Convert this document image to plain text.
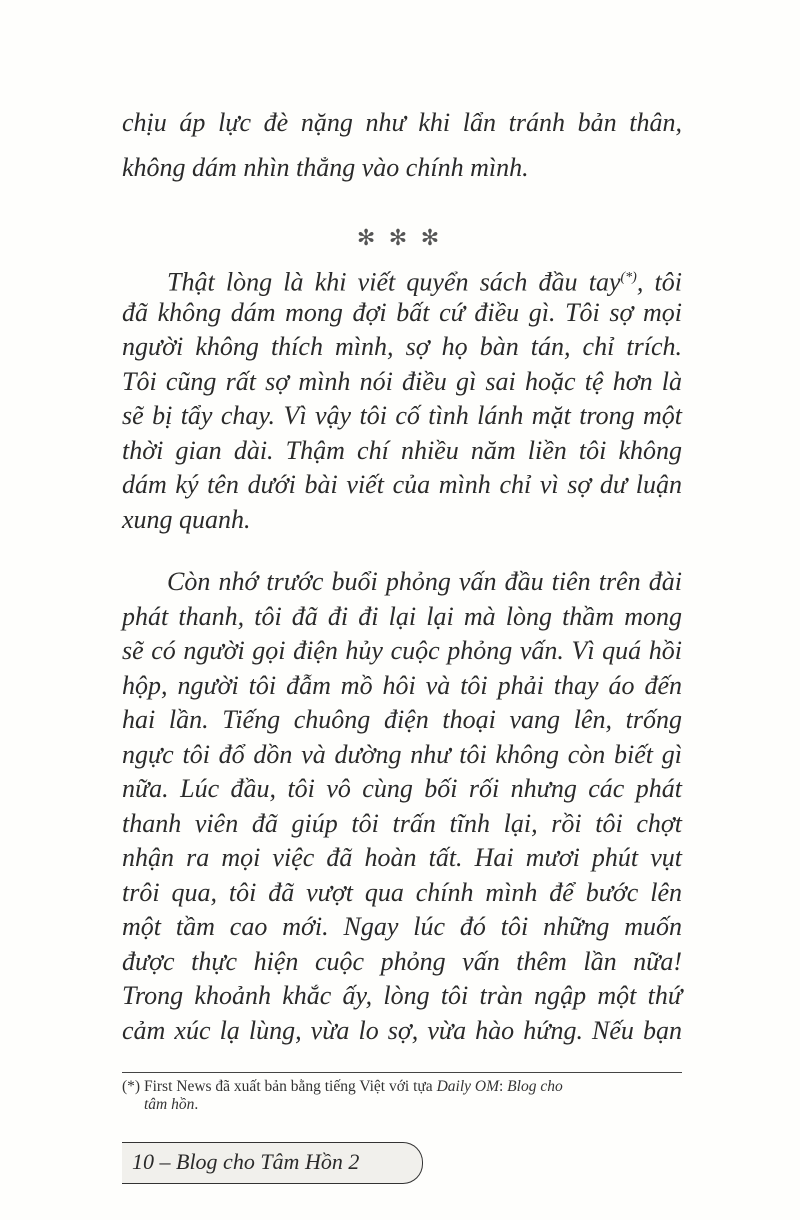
chịu áp lực đè nặng như khi lẩn tránh bản thân,
không dám nhìn thẳng vào chính mình.
✻ ✻ ✻
Thật lòng là khi viết quyển sách đầu tay(*), tôi
đã không dám mong đợi bất cứ điều gì. Tôi sợ mọi
người không thích mình, sợ họ bàn tán, chỉ trích.
Tôi cũng rất sợ mình nói điều gì sai hoặc tệ hơn là
sẽ bị tẩy chay. Vì vậy tôi cố tình lánh mặt trong một
thời gian dài. Thậm chí nhiều năm liền tôi không
dám ký tên dưới bài viết của mình chỉ vì sợ dư luận
xung quanh.
Còn nhớ trước buổi phỏng vấn đầu tiên trên đài
phát thanh, tôi đã đi đi lại lại mà lòng thầm mong
sẽ có người gọi điện hủy cuộc phỏng vấn. Vì quá hồi
hộp, người tôi đẫm mồ hôi và tôi phải thay áo đến
hai lần. Tiếng chuông điện thoại vang lên, trống
ngực tôi đổ dồn và dường như tôi không còn biết gì
nữa. Lúc đầu, tôi vô cùng bối rối nhưng các phát
thanh viên đã giúp tôi trấn tĩnh lại, rồi tôi chợt
nhận ra mọi việc đã hoàn tất. Hai mươi phút vụt
trôi qua, tôi đã vượt qua chính mình để bước lên
một tầm cao mới. Ngay lúc đó tôi những muốn
được thực hiện cuộc phỏng vấn thêm lần nữa!
(*) First News đã xuất bản bằng tiếng Việt với tựa Daily OM: Blog cho
tâm hồn.
10 – Blog cho Tâm Hồn 2
Trong khoảnh khắc ấy, lòng tôi tràn ngập một thứ
cảm xúc lạ lùng, vừa lo sợ, vừa hào hứng. Nếu bạn
